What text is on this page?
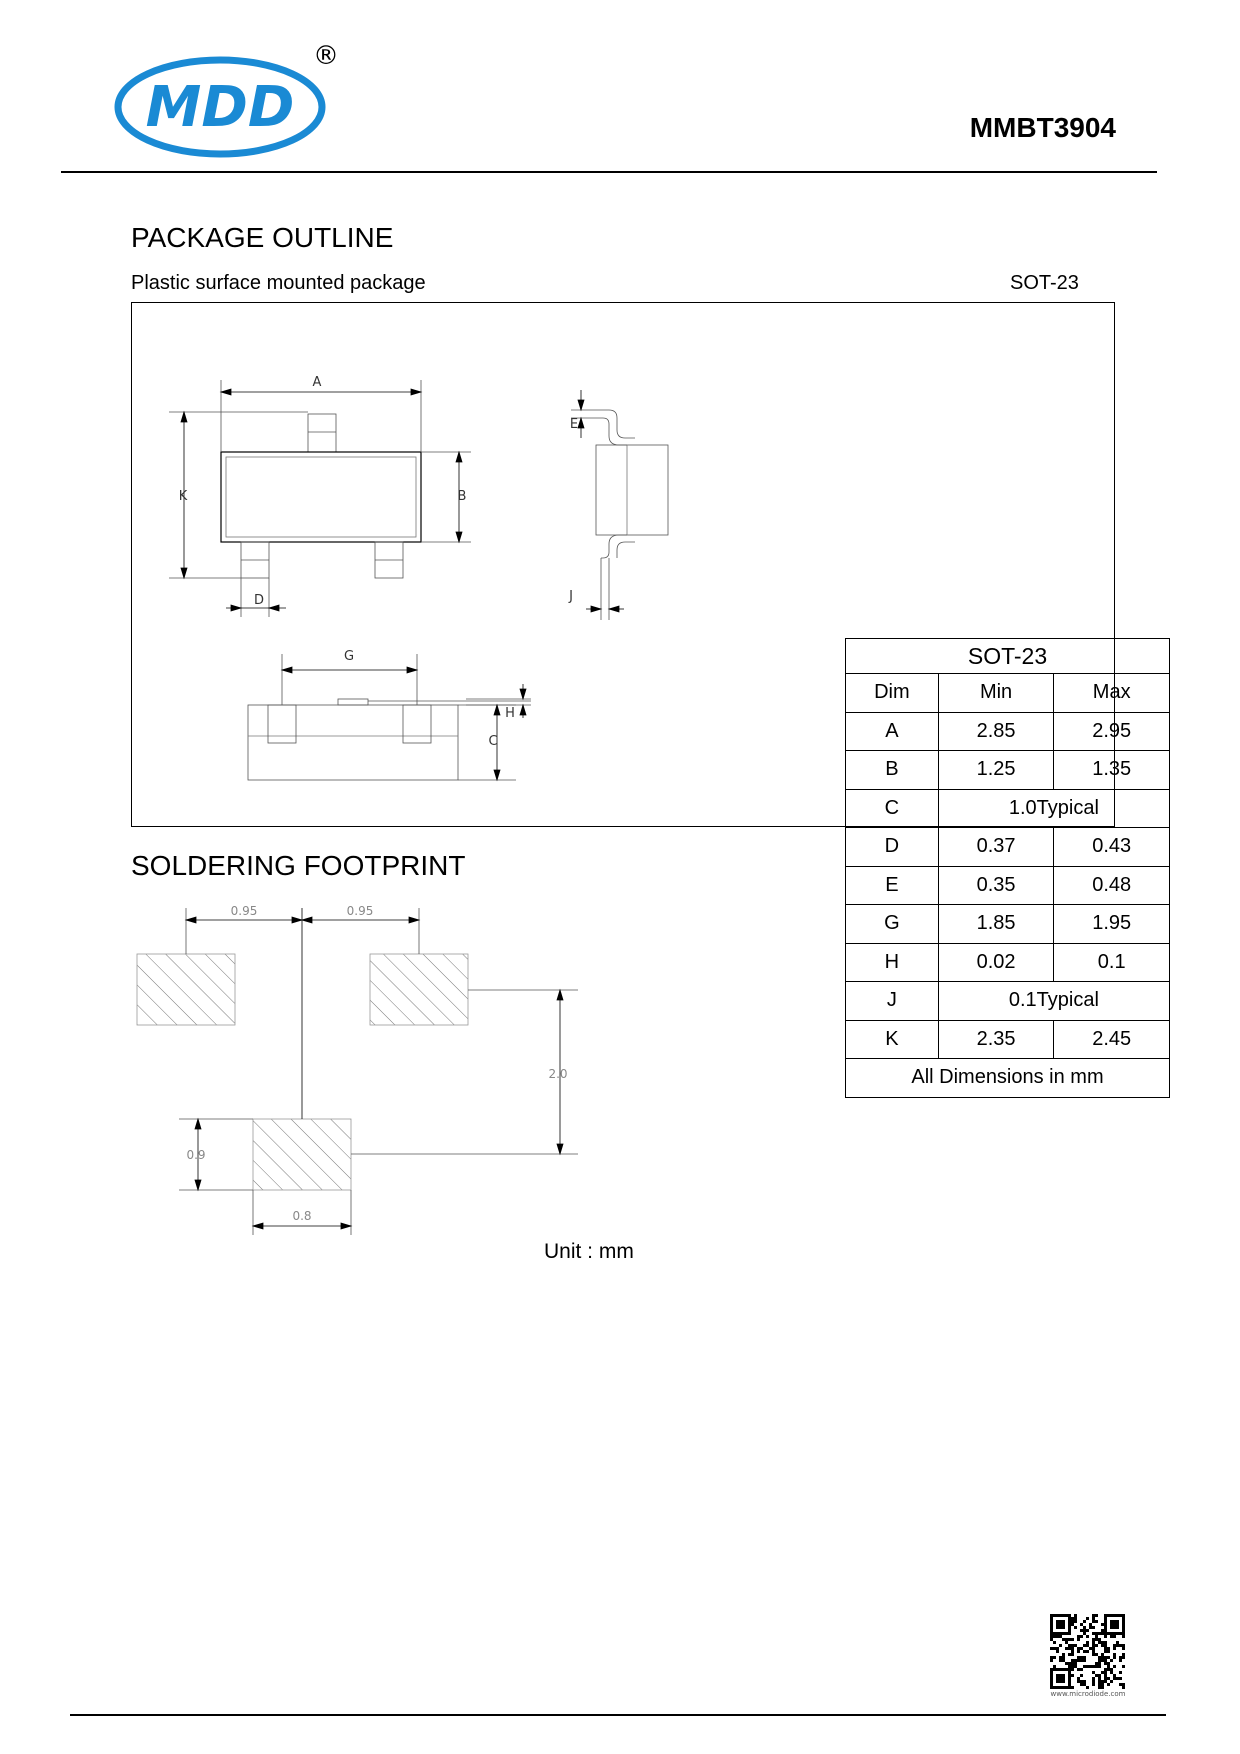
MDD
®
MMBT3904
PACKAGE OUTLINE
Plastic surface mounted package	SOT-23
A
K	B
D
E
J
G
H
C
SOT-23		
Dim	Min	Max
A	2.85	2.95
B	1.25	1.35
C	1.0Typical	
D	0.37	0.43
E	0.35	0.48
G	1.85	1.95
H	0.02	0.1
J	0.1Typical	
K	2.35	2.45
All Dimensions in mm		
SOLDERING FOOTPRINT
0.95	0.95
2.0
0.9
0.8
Unit : mm
www.microdiode.com
